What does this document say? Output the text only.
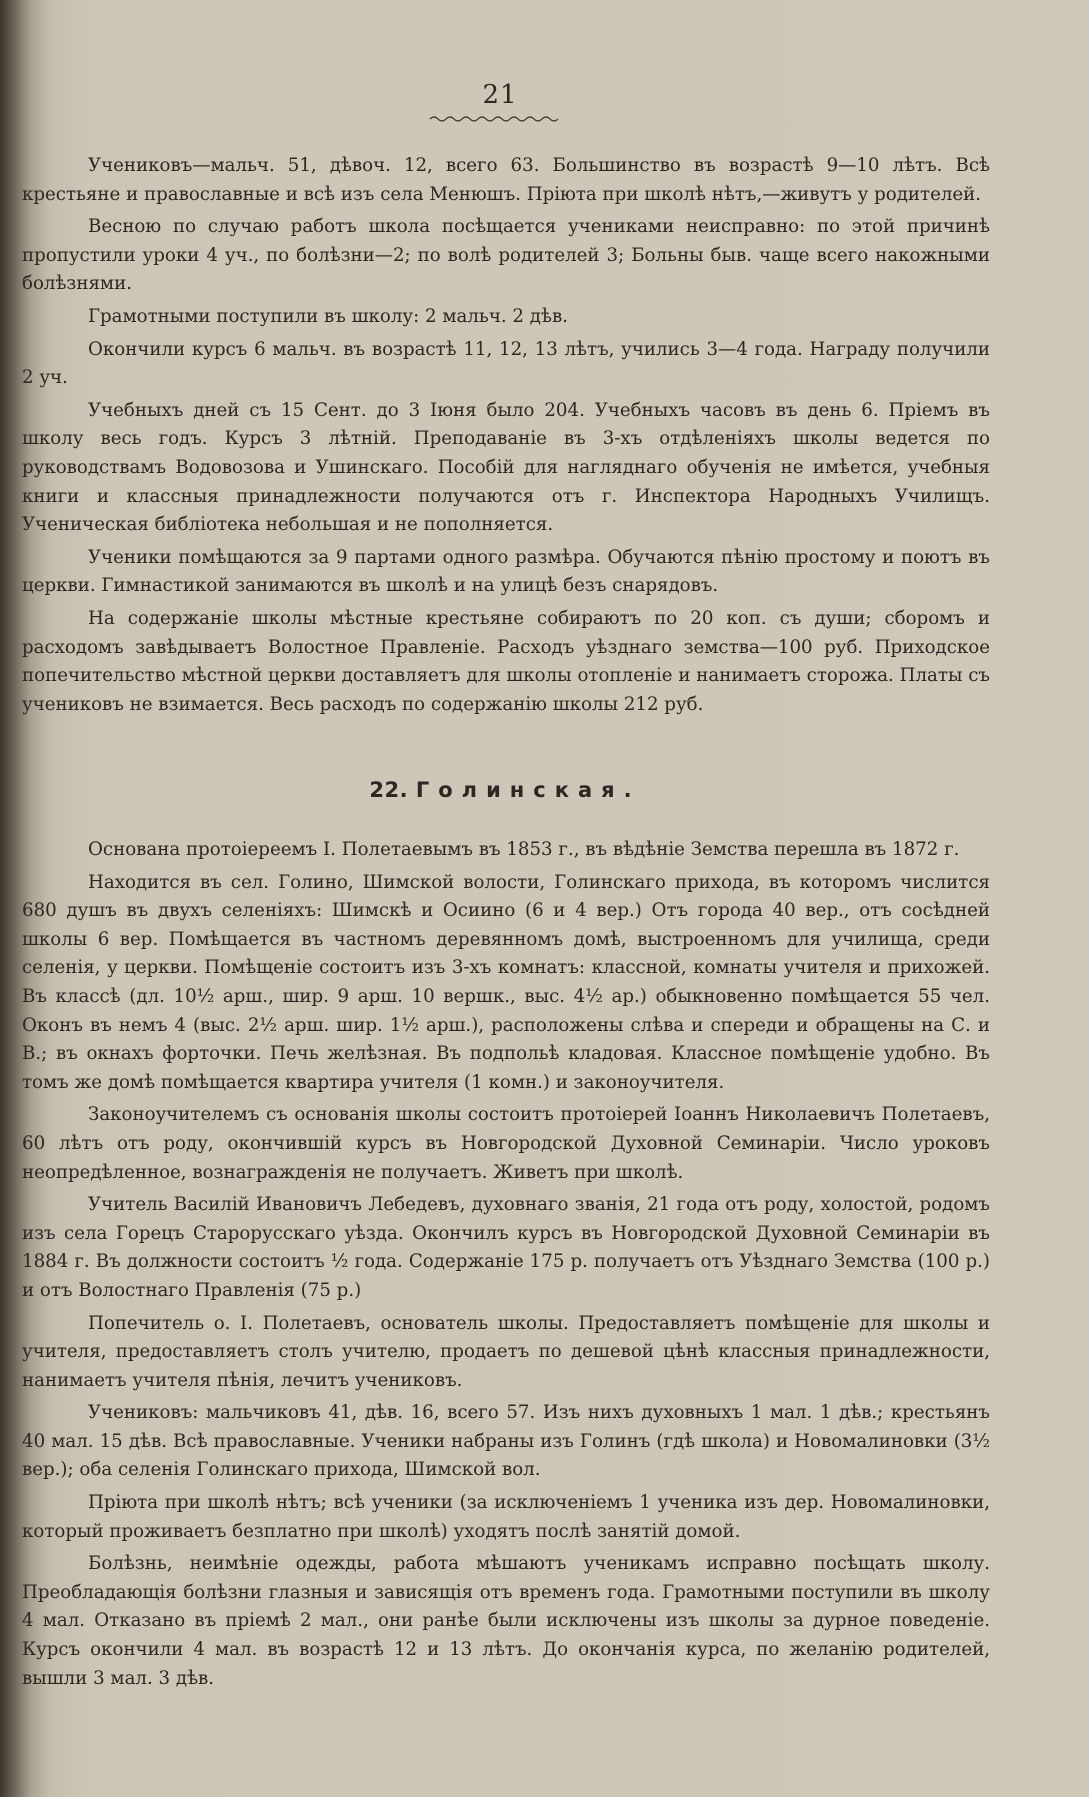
21

Учениковъ—мальч. 51, дѣвоч. 12, всего 63. Большинство въ возрастѣ 9—10 лѣтъ. Всѣ крестьяне и православные и всѣ изъ села Менюшъ. Пріюта при школѣ нѣтъ,—живутъ у родителей.

Весною по случаю работъ школа посѣщается учениками неисправно: по этой причинѣ пропустили уроки 4 уч., по болѣзни—2; по волѣ родителей 3; Больны быв. чаще всего накожными болѣзнями.

Грамотными поступили въ школу: 2 мальч. 2 дѣв.

Окончили курсъ 6 мальч. въ возрастѣ 11, 12, 13 лѣтъ, учились 3—4 года. Награду получили 2 уч.

Учебныхъ дней съ 15 Сент. до 3 Іюня было 204. Учебныхъ часовъ въ день 6. Пріемъ въ школу весь годъ. Курсъ 3 лѣтній. Преподаваніе въ 3-хъ отдѣленіяхъ школы ведется по руководствамъ Водовозова и Ушинскаго. Пособій для нагляднаго обученія не имѣется, учебныя книги и классныя принадлежности получаются отъ г. Инспектора Народныхъ Училищъ. Ученическая библіотека небольшая и не пополняется.

Ученики помѣщаются за 9 партами одного размѣра. Обучаются пѣнію простому и поютъ въ церкви. Гимнастикой занимаются въ школѣ и на улицѣ безъ снарядовъ.

На содержаніе школы мѣстные крестьяне собираютъ по 20 коп. съ души; сборомъ и расходомъ завѣдываетъ Волостное Правленіе. Расходъ уѣзднаго земства—100 руб. Приходское попечительство мѣстной церкви доставляетъ для школы отопленіе и нанимаетъ сторожа. Платы съ учениковъ не взимается. Весь расходъ по содержанію школы 212 руб.

22. Голинская.

Основана протоіереемъ І. Полетаевымъ въ 1853 г., въ вѣдѣніе Земства перешла въ 1872 г.

Находится въ сел. Голино, Шимской волости, Голинскаго прихода, въ которомъ числится 680 душъ въ двухъ селеніяхъ: Шимскѣ и Осиино (6 и 4 вер.) Отъ города 40 вер., отъ сосѣдней школы 6 вер. Помѣщается въ частномъ деревянномъ домѣ, выстроенномъ для училища, среди селенія, у церкви. Помѣщеніе состоитъ изъ 3-хъ комнатъ: классной, комнаты учителя и прихожей. Въ классѣ (дл. 10½ арш., шир. 9 арш. 10 вершк., выс. 4½ ар.) обыкновенно помѣщается 55 чел. Оконъ въ немъ 4 (выс. 2½ арш. шир. 1½ арш.), расположены слѣва и спереди и обращены на С. и В.; въ окнахъ форточки. Печь желѣзная. Въ подпольѣ кладовая. Классное помѣщеніе удобно. Въ томъ же домѣ помѣщается квартира учителя (1 комн.) и законоучителя.

Законоучителемъ съ основанія школы состоитъ протоіерей Іоаннъ Николаевичъ Полетаевъ, 60 лѣтъ отъ роду, окончившій курсъ въ Новгородской Духовной Семинаріи. Число уроковъ неопредѣленное, вознагражденія не получаетъ. Живетъ при школѣ.

Учитель Василій Ивановичъ Лебедевъ, духовнаго званія, 21 года отъ роду, холостой, родомъ изъ села Горецъ Старорусскаго уѣзда. Окончилъ курсъ въ Новгородской Духовной Семинаріи въ 1884 г. Въ должности состоитъ ½ года. Содержаніе 175 р. получаетъ отъ Уѣзднаго Земства (100 р.) и отъ Волостнаго Правленія (75 р.)

Попечитель о. І. Полетаевъ, основатель школы. Предоставляетъ помѣщеніе для школы и учителя, предоставляетъ столъ учителю, продаетъ по дешевой цѣнѣ классныя принадлежности, нанимаетъ учителя пѣнія, лечитъ учениковъ.

Учениковъ: мальчиковъ 41, дѣв. 16, всего 57. Изъ нихъ духовныхъ 1 мал. 1 дѣв.; крестьянъ 40 мал. 15 дѣв. Всѣ православные. Ученики набраны изъ Голинъ (гдѣ школа) и Новомалиновки (3½ вер.); оба селенія Голинскаго прихода, Шимской вол.

Пріюта при школѣ нѣтъ; всѣ ученики (за исключеніемъ 1 ученика изъ дер. Новомалиновки, который проживаетъ безплатно при школѣ) уходятъ послѣ занятій домой.

Болѣзнь, неимѣніе одежды, работа мѣшаютъ ученикамъ исправно посѣщать школу. Преобладающія болѣзни глазныя и зависящія отъ временъ года. Грамотными поступили въ школу 4 мал. Отказано въ пріемѣ 2 мал., они ранѣе были исключены изъ школы за дурное поведеніе. Курсъ окончили 4 мал. въ возрастѣ 12 и 13 лѣтъ. До окончанія курса, по желанію родителей, вышли 3 мал. 3 дѣв.
